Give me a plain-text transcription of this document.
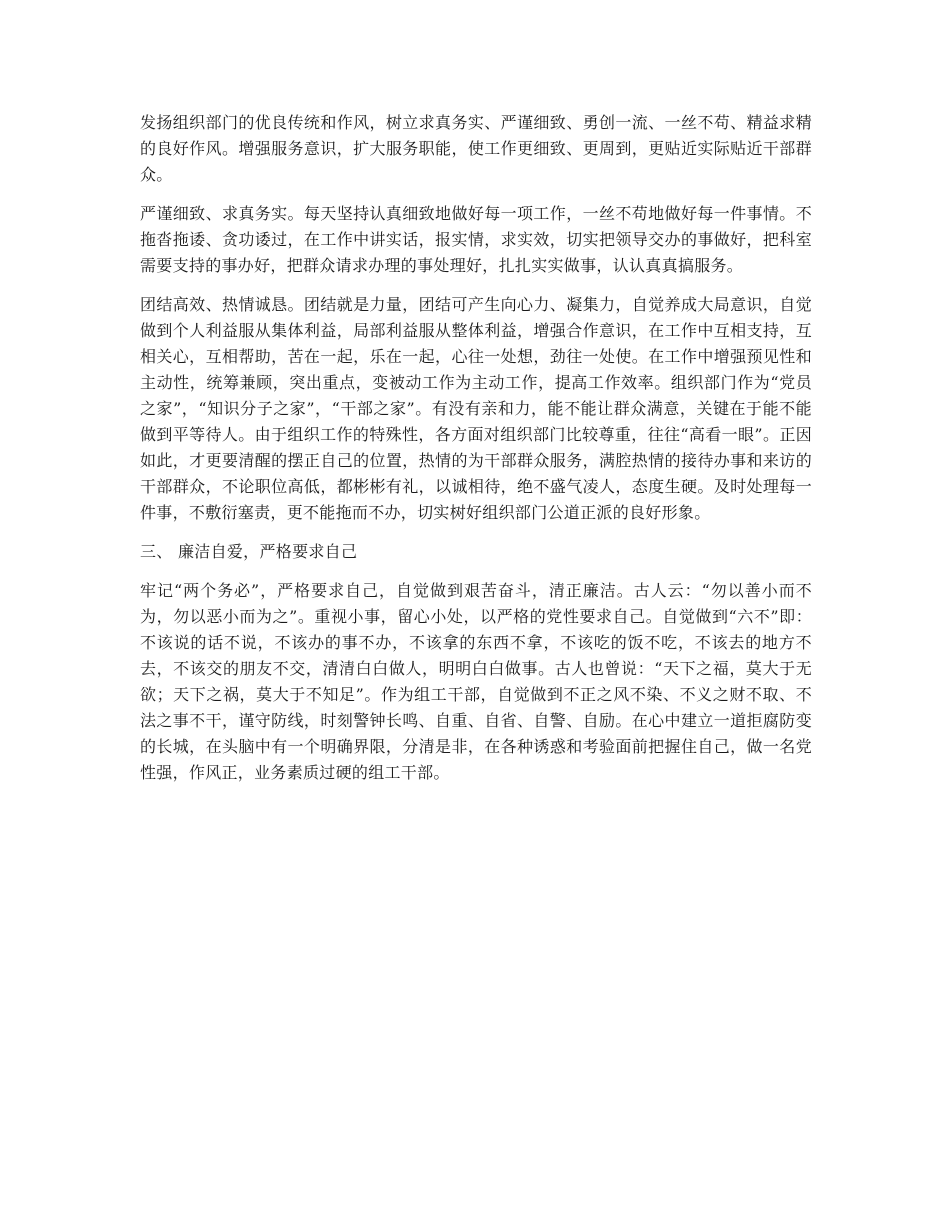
发扬组织部门的优良传统和作风，树立求真务实、严谨细致、勇创一流、一丝不苟、精益求精的良好作风。增强服务意识，扩大服务职能，使工作更细致、更周到，更贴近实际贴近干部群众。

严谨细致、求真务实。每天坚持认真细致地做好每一项工作，一丝不苟地做好每一件事情。不拖沓拖诿、贪功诿过，在工作中讲实话，报实情，求实效，切实把领导交办的事做好，把科室需要支持的事办好，把群众请求办理的事处理好，扎扎实实做事，认认真真搞服务。

团结高效、热情诚恳。团结就是力量，团结可产生向心力、凝集力，自觉养成大局意识，自觉做到个人利益服从集体利益，局部利益服从整体利益，增强合作意识，在工作中互相支持，互相关心，互相帮助，苦在一起，乐在一起，心往一处想，劲往一处使。在工作中增强预见性和主动性，统筹兼顾，突出重点，变被动工作为主动工作，提高工作效率。组织部门作为“党员之家”，“知识分子之家”，“干部之家”。有没有亲和力，能不能让群众满意，关键在于能不能做到平等待人。由于组织工作的特殊性，各方面对组织部门比较尊重，往往“高看一眼”。正因如此，才更要清醒的摆正自己的位置，热情的为干部群众服务，满腔热情的接待办事和来访的干部群众，不论职位高低，都彬彬有礼，以诚相待，绝不盛气凌人，态度生硬。及时处理每一件事，不敷衍塞责，更不能拖而不办，切实树好组织部门公道正派的良好形象。

三、 廉洁自爱，严格要求自己

牢记“两个务必”，严格要求自己，自觉做到艰苦奋斗，清正廉洁。古人云：“勿以善小而不为，勿以恶小而为之”。重视小事，留心小处，以严格的党性要求自己。自觉做到“六不”即：不该说的话不说，不该办的事不办，不该拿的东西不拿，不该吃的饭不吃，不该去的地方不去，不该交的朋友不交，清清白白做人，明明白白做事。古人也曾说：“天下之福，莫大于无欲；天下之祸，莫大于不知足”。作为组工干部，自觉做到不正之风不染、不义之财不取、不法之事不干，谨守防线，时刻警钟长鸣、自重、自省、自警、自励。在心中建立一道拒腐防变的长城，在头脑中有一个明确界限，分清是非，在各种诱惑和考验面前把握住自己，做一名党性强，作风正，业务素质过硬的组工干部。
